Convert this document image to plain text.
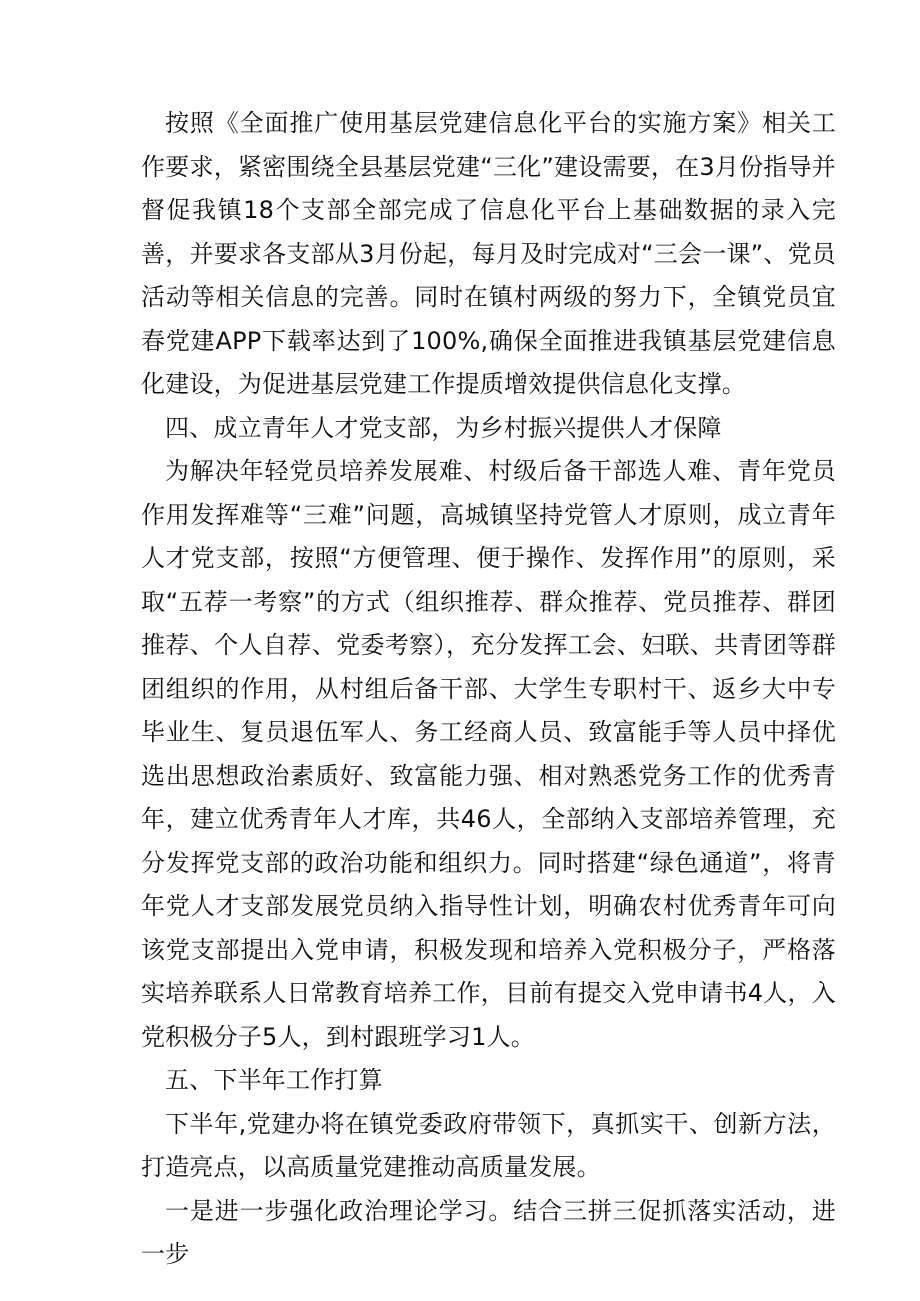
按照《全面推广使用基层党建信息化平台的实施方案》相关工作要求，紧密围绕全县基层党建“三化”建设需要，在3月份指导并督促我镇18个支部全部完成了信息化平台上基础数据的录入完善，并要求各支部从3月份起，每月及时完成对“三会一课”、党员活动等相关信息的完善。同时在镇村两级的努力下，全镇党员宜春党建APP下载率达到了100%,确保全面推进我镇基层党建信息化建设，为促进基层党建工作提质增效提供信息化支撑。

四、成立青年人才党支部，为乡村振兴提供人才保障

为解决年轻党员培养发展难、村级后备干部选人难、青年党员作用发挥难等“三难”问题，高城镇坚持党管人才原则，成立青年人才党支部，按照“方便管理、便于操作、发挥作用”的原则，采取“五荐一考察”的方式（组织推荐、群众推荐、党员推荐、群团推荐、个人自荐、党委考察），充分发挥工会、妇联、共青团等群团组织的作用，从村组后备干部、大学生专职村干、返乡大中专毕业生、复员退伍军人、务工经商人员、致富能手等人员中择优选出思想政治素质好、致富能力强、相对熟悉党务工作的优秀青年，建立优秀青年人才库，共46人，全部纳入支部培养管理，充分发挥党支部的政治功能和组织力。同时搭建“绿色通道”，将青年党人才支部发展党员纳入指导性计划，明确农村优秀青年可向该党支部提出入党申请，积极发现和培养入党积极分子，严格落实培养联系人日常教育培养工作，目前有提交入党申请书4人，入党积极分子5人，到村跟班学习1人。

五、下半年工作打算

下半年,党建办将在镇党委政府带领下，真抓实干、创新方法，打造亮点，以高质量党建推动高质量发展。

一是进一步强化政治理论学习。结合三拼三促抓落实活动，进一步
